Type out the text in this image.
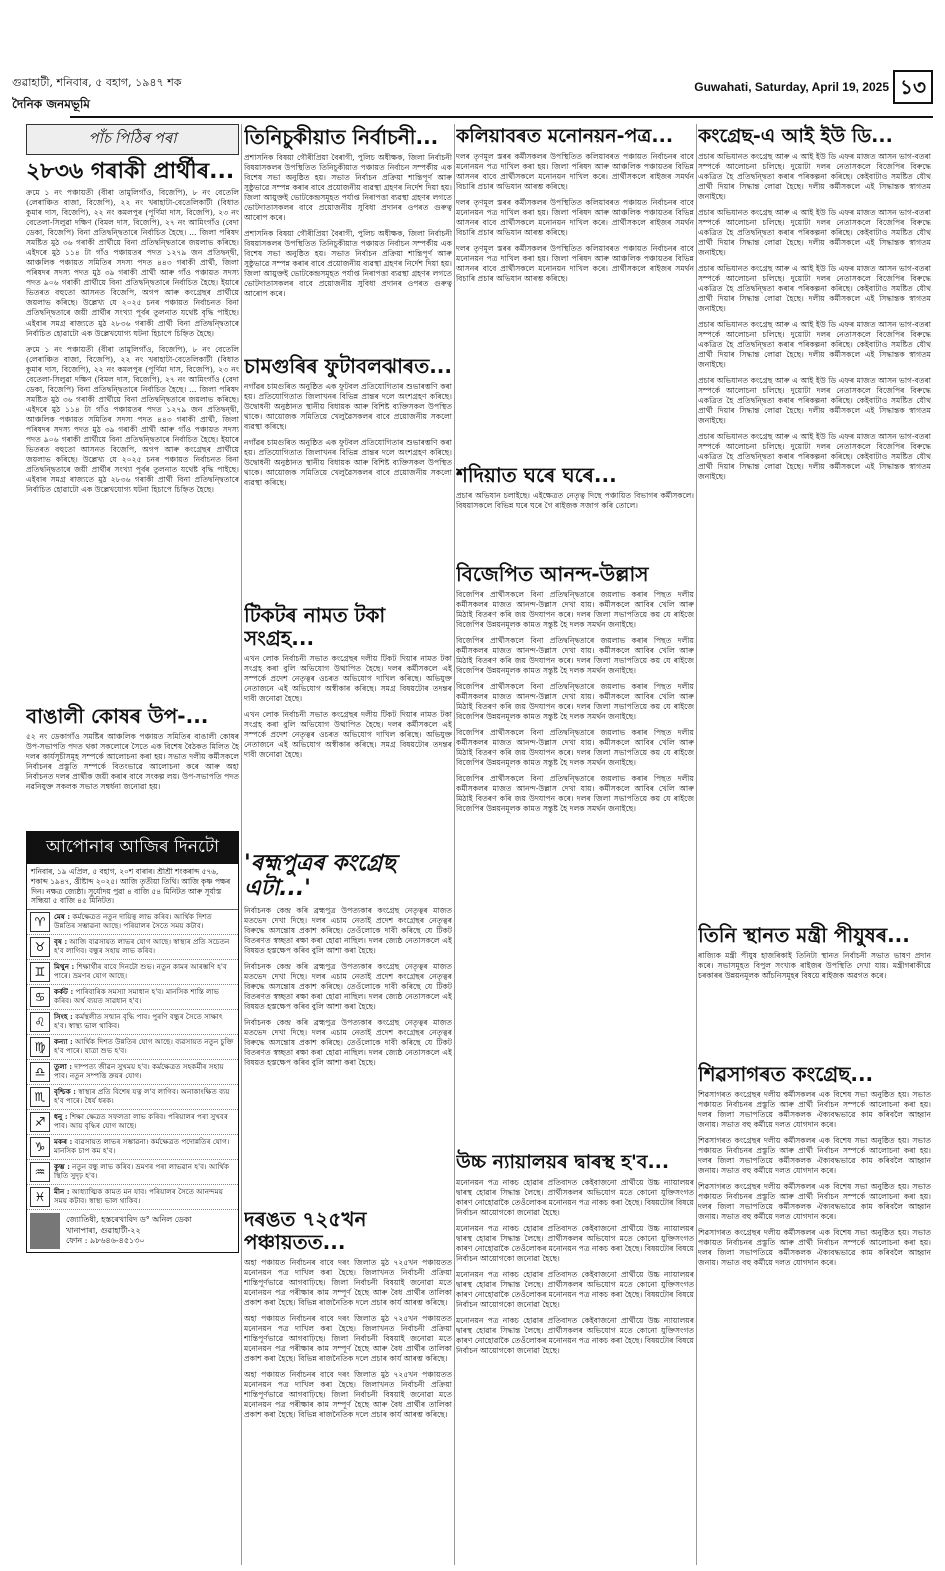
গুৱাহাটী, শনিবাৰ, ৫ বহাগ, ১৯৪৭ শক
দৈনিক জনমভূমি
Guwahati, Saturday, April 19, 2025 ১৩
পাঁচ পিঠিৰ পৰা
২৮৩৬ গৰাকী প্ৰাৰ্থীৰ...

ক্ৰমে ১ নং পঞ্চায়তী (বীৰা তামুলিগাঁও, বিজেপি), ৮ নং বেতেলি (লেৰাঞ্চিত বাজা, বিজেপি), ২২ নং খৰাহাটা-বেতেলিকাটী (বিধাত কুমাৰ দাস, বিজেপি), ২২ নং কমলপুৰ (পূৰ্ণিমা দাস, বিজেপি), ২৩ নং বেতেলা-সিলুৱা দক্ষিণ (বিমল দাস, বিজেপি), ২৭ নং আমিংগাঁও (বেদা ডেকা, বিজেপি) বিনা প্ৰতিদ্বন্দ্বিতাৰে নিৰ্বাচিত হৈছে। ... জিলা পৰিষদ সমষ্টিত মুঠ ৩৬ গৰাকী প্ৰাৰ্থীয়ে বিনা প্ৰতিদ্বন্দ্বিতাৰে জয়লাভ কৰিছে। এইদৰে মুঠ ১১৪ টা গাঁও পঞ্চায়তৰ পদত ১২৭৯ জন প্ৰতিদ্বন্দ্বী, আঞ্চলিক পঞ্চায়ত সমিতিৰ সদস্য পদত ৪৪৩ গৰাকী প্ৰাৰ্থী, জিলা পৰিষদৰ সদস্য পদত মুঠ ৩৯ গৰাকী প্ৰাৰ্থী আৰু গাঁও পঞ্চায়ত সদস্য পদত ৯০৬ গৰাকী প্ৰাৰ্থীয়ে বিনা প্ৰতিদ্বন্দ্বিতাৰে নিৰ্বাচিত হৈছে। ইয়াৰে ভিতৰত বহুতো আসনত বিজেপি, অগপ আৰু কংগ্ৰেছৰ প্ৰাৰ্থীয়ে জয়লাভ কৰিছে। উল্লেখ্য যে ২০২৫ চনৰ পঞ্চায়ত নিৰ্বাচনত বিনা প্ৰতিদ্বন্দ্বিতাৰে জয়ী প্ৰাৰ্থীৰ সংখ্যা পূৰ্বৰ তুলনাত যথেষ্ট বৃদ্ধি পাইছে। এইবাৰ সমগ্ৰ ৰাজ্যতে মুঠ ২৮৩৬ গৰাকী প্ৰাৰ্থী বিনা প্ৰতিদ্বন্দ্বিতাৰে নিৰ্বাচিত হোৱাটো এক উল্লেখযোগ্য ঘটনা হিচাপে চিহ্নিত হৈছে।

ক্ৰমে ১ নং পঞ্চায়তী (বীৰা তামুলিগাঁও, বিজেপি), ৮ নং বেতেলি (লেৰাঞ্চিত বাজা, বিজেপি), ২২ নং খৰাহাটা-বেতেলিকাটী (বিধাত কুমাৰ দাস, বিজেপি), ২২ নং কমলপুৰ (পূৰ্ণিমা দাস, বিজেপি), ২৩ নং বেতেলা-সিলুৱা দক্ষিণ (বিমল দাস, বিজেপি), ২৭ নং আমিংগাঁও (বেদা ডেকা, বিজেপি) বিনা প্ৰতিদ্বন্দ্বিতাৰে নিৰ্বাচিত হৈছে। ... জিলা পৰিষদ সমষ্টিত মুঠ ৩৬ গৰাকী প্ৰাৰ্থীয়ে বিনা প্ৰতিদ্বন্দ্বিতাৰে জয়লাভ কৰিছে। এইদৰে মুঠ ১১৪ টা গাঁও পঞ্চায়তৰ পদত ১২৭৯ জন প্ৰতিদ্বন্দ্বী, আঞ্চলিক পঞ্চায়ত সমিতিৰ সদস্য পদত ৪৪৩ গৰাকী প্ৰাৰ্থী, জিলা পৰিষদৰ সদস্য পদত মুঠ ৩৯ গৰাকী প্ৰাৰ্থী আৰু গাঁও পঞ্চায়ত সদস্য পদত ৯০৬ গৰাকী প্ৰাৰ্থীয়ে বিনা প্ৰতিদ্বন্দ্বিতাৰে নিৰ্বাচিত হৈছে। ইয়াৰে ভিতৰত বহুতো আসনত বিজেপি, অগপ আৰু কংগ্ৰেছৰ প্ৰাৰ্থীয়ে জয়লাভ কৰিছে। উল্লেখ্য যে ২০২৫ চনৰ পঞ্চায়ত নিৰ্বাচনত বিনা প্ৰতিদ্বন্দ্বিতাৰে জয়ী প্ৰাৰ্থীৰ সংখ্যা পূৰ্বৰ তুলনাত যথেষ্ট বৃদ্ধি পাইছে। এইবাৰ সমগ্ৰ ৰাজ্যতে মুঠ ২৮৩৬ গৰাকী প্ৰাৰ্থী বিনা প্ৰতিদ্বন্দ্বিতাৰে নিৰ্বাচিত হোৱাটো এক উল্লেখযোগ্য ঘটনা হিচাপে চিহ্নিত হৈছে।

বাঙালী কোষৰ উপ-...

৫২ নং ডেকাগাঁও সমষ্টিৰ আঞ্চলিক পঞ্চায়ত সমিতিৰ বাঙালী কোষৰ উপ-সভাপতি পদত থকা সকলোৰে সৈতে এক বিশেষ বৈঠকত মিলিত হৈ দলৰ কাৰ্যসূচীসমূহ সম্পৰ্কে আলোচনা কৰা হয়। সভাত দলীয় কৰ্মীসকলে নিৰ্বাচনৰ প্ৰস্তুতি সম্পৰ্কে বিতংভাৱে আলোচনা কৰে আৰু অহা নিৰ্বাচনত দলৰ প্ৰাৰ্থীক জয়ী কৰাৰ বাবে সংকল্প লয়। উপ-সভাপতি পদত নৱনিযুক্ত সকলক সভাত সম্বৰ্ধনা জনোৱা হয়।

আপোনাৰ আজিৰ দিনটো
শনিবাৰ, ১৯ এপ্ৰিল, ৫ বহাগ, ২০শ বাৰাৰ। শ্ৰীশ্ৰী শংকৰাব্দ ৫৭৬, শকাব্দ ১৯৪৭, খ্ৰীষ্টাব্দ ২০২৫। আজি তৃতীয়া তিথি। আজি কৃষ্ণ পক্ষৰ দিন। নক্ষত্ৰ জ্যেষ্ঠা। সূৰ্যোদয় পুৱা ৪ বাজি ৫৪ মিনিটত আৰু সূৰ্যাস্ত সন্ধিয়া ৫ বাজি ৪৫ মিনিটত।
♈	মেষ : কৰ্মক্ষেত্ৰত নতুন দায়িত্ব লাভ কৰিব। আৰ্থিক দিশত উন্নতিৰ সম্ভাৱনা আছে। পৰিয়ালৰ সৈতে সময় কটাব।
♉	বৃষ : আজি ব্যৱসায়ত লাভৰ যোগ আছে। স্বাস্থ্যৰ প্ৰতি সচেতন হ'ব লাগিব। বন্ধুৰ সহায় লাভ কৰিব।
♊	মিথুন : শিক্ষাৰ্থীৰ বাবে দিনটো শুভ। নতুন কামৰ আৰম্ভণি হ'ব পাৰে। ভ্ৰমণৰ যোগ আছে।
♋	কৰ্কট : পাৰিবাৰিক সমস্যা সমাধান হ'ব। মানসিক শান্তি লাভ কৰিব। অৰ্থ ব্যয়ত সাৱধান হ'ব।
♌	সিংহ : কৰ্মস্থলীত সন্মান বৃদ্ধি পাব। পুৰণি বন্ধুৰ সৈতে সাক্ষাৎ হ'ব। স্বাস্থ্য ভাল থাকিব।
♍	কন্যা : আৰ্থিক দিশত উন্নতিৰ যোগ আছে। ব্যৱসায়ত নতুন চুক্তি হ'ব পাৰে। যাত্ৰা শুভ হ'ব।
♎	তুলা : দাম্পত্য জীৱন সুখময় হ'ব। কৰ্মক্ষেত্ৰত সহকৰ্মীৰ সহায় পাব। নতুন সম্পত্তি ক্ৰয়ৰ যোগ।
♏	বৃশ্চিক : স্বাস্থ্যৰ প্ৰতি বিশেষ যত্ন ল'ব লাগিব। অনাকাংক্ষিত ব্যয় হ'ব পাৰে। ধৈৰ্য ধৰক।
♐	ধনু : শিক্ষা ক্ষেত্ৰত সফলতা লাভ কৰিব। পৰিয়ালৰ পৰা সুখবৰ পাব। আয় বৃদ্ধিৰ যোগ আছে।
♑	মকৰ : ব্যৱসায়ত লাভৰ সম্ভাৱনা। কৰ্মক্ষেত্ৰত পদোন্নতিৰ যোগ। মানসিক চাপ কম হ'ব।
♒	কুম্ভ : নতুন বন্ধু লাভ কৰিব। ভ্ৰমণৰ পৰা লাভৱান হ'ব। আৰ্থিক স্থিতি সুদৃঢ় হ'ব।
♓	মীন : আধ্যাত্মিক কামত মন যাব। পৰিয়ালৰ সৈতে আনন্দময় সময় কটাব। স্বাস্থ্য ভাল থাকিব।
জ্যোতিষী, হস্তৰেখাবিদ ড° অনিল ডেকা
খানাপাৰা, গুৱাহাটী-২২
ফোন : ৯৮৬৪৬-৪৫১৩০
তিনিচুকীয়াত নিৰ্বাচনী...

প্ৰশাসনিক বিষয়া গৌৰীপ্ৰিয়া বৈৰাগী, পুলিচ অধীক্ষক, জিলা নিৰ্বাচনী বিষয়াসকলৰ উপস্থিতিত তিনিচুকীয়াত পঞ্চায়ত নিৰ্বাচন সম্পৰ্কীয় এক বিশেষ সভা অনুষ্ঠিত হয়। সভাত নিৰ্বাচন প্ৰক্ৰিয়া শান্তিপূৰ্ণ আৰু সুষ্ঠুভাৱে সম্পন্ন কৰাৰ বাবে প্ৰয়োজনীয় ব্যৱস্থা গ্ৰহণৰ নিৰ্দেশ দিয়া হয়। জিলা আয়ুক্তই ভোটকেন্দ্ৰসমূহত পৰ্যাপ্ত নিৰাপত্তা ব্যৱস্থা গ্ৰহণৰ লগতে ভোটদাতাসকলৰ বাবে প্ৰয়োজনীয় সুবিধা প্ৰদানৰ ওপৰত গুৰুত্ব আৰোপ কৰে।

প্ৰশাসনিক বিষয়া গৌৰীপ্ৰিয়া বৈৰাগী, পুলিচ অধীক্ষক, জিলা নিৰ্বাচনী বিষয়াসকলৰ উপস্থিতিত তিনিচুকীয়াত পঞ্চায়ত নিৰ্বাচন সম্পৰ্কীয় এক বিশেষ সভা অনুষ্ঠিত হয়। সভাত নিৰ্বাচন প্ৰক্ৰিয়া শান্তিপূৰ্ণ আৰু সুষ্ঠুভাৱে সম্পন্ন কৰাৰ বাবে প্ৰয়োজনীয় ব্যৱস্থা গ্ৰহণৰ নিৰ্দেশ দিয়া হয়। জিলা আয়ুক্তই ভোটকেন্দ্ৰসমূহত পৰ্যাপ্ত নিৰাপত্তা ব্যৱস্থা গ্ৰহণৰ লগতে ভোটদাতাসকলৰ বাবে প্ৰয়োজনীয় সুবিধা প্ৰদানৰ ওপৰত গুৰুত্ব আৰোপ কৰে।

চামগুৰিৰ ফুটাবলঝাৰত...

নগাঁৱৰ চামগুৰিত অনুষ্ঠিত এক ফুটবল প্ৰতিযোগিতাৰ শুভাৰম্ভণি কৰা হয়। প্ৰতিযোগিতাত জিলাখনৰ বিভিন্ন প্ৰান্তৰ দলে অংশগ্ৰহণ কৰিছে। উদ্বোধনী অনুষ্ঠানত স্থানীয় বিধায়ক আৰু বিশিষ্ট ব্যক্তিসকল উপস্থিত থাকে। আয়োজক সমিতিয়ে খেলুৱৈসকলৰ বাবে প্ৰয়োজনীয় সকলো ব্যৱস্থা কৰিছে।

নগাঁৱৰ চামগুৰিত অনুষ্ঠিত এক ফুটবল প্ৰতিযোগিতাৰ শুভাৰম্ভণি কৰা হয়। প্ৰতিযোগিতাত জিলাখনৰ বিভিন্ন প্ৰান্তৰ দলে অংশগ্ৰহণ কৰিছে। উদ্বোধনী অনুষ্ঠানত স্থানীয় বিধায়ক আৰু বিশিষ্ট ব্যক্তিসকল উপস্থিত থাকে। আয়োজক সমিতিয়ে খেলুৱৈসকলৰ বাবে প্ৰয়োজনীয় সকলো ব্যৱস্থা কৰিছে।

টিকটৰ নামত টকা সংগ্ৰহ...

এখন লোক নিৰ্বাচনী সভাত কংগ্ৰেছৰ দলীয় টিকট দিয়াৰ নামত টকা সংগ্ৰহ কৰা বুলি অভিযোগ উত্থাপিত হৈছে। দলৰ কৰ্মীসকলে এই সম্পৰ্কে প্ৰদেশ নেতৃত্বৰ ওচৰত অভিযোগ দাখিল কৰিছে। অভিযুক্ত নেতাজনে এই অভিযোগ অস্বীকাৰ কৰিছে। সমগ্ৰ বিষয়টোৰ তদন্তৰ দাবী জনোৱা হৈছে।

এখন লোক নিৰ্বাচনী সভাত কংগ্ৰেছৰ দলীয় টিকট দিয়াৰ নামত টকা সংগ্ৰহ কৰা বুলি অভিযোগ উত্থাপিত হৈছে। দলৰ কৰ্মীসকলে এই সম্পৰ্কে প্ৰদেশ নেতৃত্বৰ ওচৰত অভিযোগ দাখিল কৰিছে। অভিযুক্ত নেতাজনে এই অভিযোগ অস্বীকাৰ কৰিছে। সমগ্ৰ বিষয়টোৰ তদন্তৰ দাবী জনোৱা হৈছে।

'ৰহ্মপুত্ৰৰ কংগ্ৰেছ এটা...'

নিৰ্বাচনক কেন্দ্ৰ কৰি ব্ৰহ্মপুত্ৰ উপত্যকাৰ কংগ্ৰেছ নেতৃত্বৰ মাজত মতভেদ দেখা দিছে। দলৰ এচাম নেতাই প্ৰদেশ কংগ্ৰেছৰ নেতৃত্বৰ বিৰুদ্ধে অসন্তোষ প্ৰকাশ কৰিছে। তেওঁলোকে দাবী কৰিছে যে টিকট বিতৰণত স্বচ্ছতা ৰক্ষা কৰা হোৱা নাছিল। দলৰ জ্যেষ্ঠ নেতাসকলে এই বিষয়ত হস্তক্ষেপ কৰিব বুলি আশা কৰা হৈছে।

নিৰ্বাচনক কেন্দ্ৰ কৰি ব্ৰহ্মপুত্ৰ উপত্যকাৰ কংগ্ৰেছ নেতৃত্বৰ মাজত মতভেদ দেখা দিছে। দলৰ এচাম নেতাই প্ৰদেশ কংগ্ৰেছৰ নেতৃত্বৰ বিৰুদ্ধে অসন্তোষ প্ৰকাশ কৰিছে। তেওঁলোকে দাবী কৰিছে যে টিকট বিতৰণত স্বচ্ছতা ৰক্ষা কৰা হোৱা নাছিল। দলৰ জ্যেষ্ঠ নেতাসকলে এই বিষয়ত হস্তক্ষেপ কৰিব বুলি আশা কৰা হৈছে।

নিৰ্বাচনক কেন্দ্ৰ কৰি ব্ৰহ্মপুত্ৰ উপত্যকাৰ কংগ্ৰেছ নেতৃত্বৰ মাজত মতভেদ দেখা দিছে। দলৰ এচাম নেতাই প্ৰদেশ কংগ্ৰেছৰ নেতৃত্বৰ বিৰুদ্ধে অসন্তোষ প্ৰকাশ কৰিছে। তেওঁলোকে দাবী কৰিছে যে টিকট বিতৰণত স্বচ্ছতা ৰক্ষা কৰা হোৱা নাছিল। দলৰ জ্যেষ্ঠ নেতাসকলে এই বিষয়ত হস্তক্ষেপ কৰিব বুলি আশা কৰা হৈছে।

দৰঙত ৭২৫খন পঞ্চায়তত...

অহা পঞ্চায়ত নিৰ্বাচনৰ বাবে দৰং জিলাত মুঠ ৭২৫খন পঞ্চায়তত মনোনয়ন পত্ৰ দাখিল কৰা হৈছে। জিলাখনত নিৰ্বাচনী প্ৰক্ৰিয়া শান্তিপূৰ্ণভাৱে আগবাঢ়িছে। জিলা নিৰ্বাচনী বিষয়াই জনোৱা মতে মনোনয়ন পত্ৰ পৰীক্ষাৰ কাম সম্পূৰ্ণ হৈছে আৰু বৈধ প্ৰাৰ্থীৰ তালিকা প্ৰকাশ কৰা হৈছে। বিভিন্ন ৰাজনৈতিক দলে প্ৰচাৰ কাৰ্য আৰম্ভ কৰিছে।

অহা পঞ্চায়ত নিৰ্বাচনৰ বাবে দৰং জিলাত মুঠ ৭২৫খন পঞ্চায়তত মনোনয়ন পত্ৰ দাখিল কৰা হৈছে। জিলাখনত নিৰ্বাচনী প্ৰক্ৰিয়া শান্তিপূৰ্ণভাৱে আগবাঢ়িছে। জিলা নিৰ্বাচনী বিষয়াই জনোৱা মতে মনোনয়ন পত্ৰ পৰীক্ষাৰ কাম সম্পূৰ্ণ হৈছে আৰু বৈধ প্ৰাৰ্থীৰ তালিকা প্ৰকাশ কৰা হৈছে। বিভিন্ন ৰাজনৈতিক দলে প্ৰচাৰ কাৰ্য আৰম্ভ কৰিছে।

অহা পঞ্চায়ত নিৰ্বাচনৰ বাবে দৰং জিলাত মুঠ ৭২৫খন পঞ্চায়তত মনোনয়ন পত্ৰ দাখিল কৰা হৈছে। জিলাখনত নিৰ্বাচনী প্ৰক্ৰিয়া শান্তিপূৰ্ণভাৱে আগবাঢ়িছে। জিলা নিৰ্বাচনী বিষয়াই জনোৱা মতে মনোনয়ন পত্ৰ পৰীক্ষাৰ কাম সম্পূৰ্ণ হৈছে আৰু বৈধ প্ৰাৰ্থীৰ তালিকা প্ৰকাশ কৰা হৈছে। বিভিন্ন ৰাজনৈতিক দলে প্ৰচাৰ কাৰ্য আৰম্ভ কৰিছে।

কলিয়াবৰত মনোনয়ন-পত্ৰ...

দলৰ তৃণমূল স্তৰৰ কৰ্মীসকলৰ উপস্থিতিত কলিয়াবৰত পঞ্চায়ত নিৰ্বাচনৰ বাবে মনোনয়ন পত্ৰ দাখিল কৰা হয়। জিলা পৰিষদ আৰু আঞ্চলিক পঞ্চায়তৰ বিভিন্ন আসনৰ বাবে প্ৰাৰ্থীসকলে মনোনয়ন দাখিল কৰে। প্ৰাৰ্থীসকলে ৰাইজৰ সমৰ্থন বিচাৰি প্ৰচাৰ অভিযান আৰম্ভ কৰিছে।

দলৰ তৃণমূল স্তৰৰ কৰ্মীসকলৰ উপস্থিতিত কলিয়াবৰত পঞ্চায়ত নিৰ্বাচনৰ বাবে মনোনয়ন পত্ৰ দাখিল কৰা হয়। জিলা পৰিষদ আৰু আঞ্চলিক পঞ্চায়তৰ বিভিন্ন আসনৰ বাবে প্ৰাৰ্থীসকলে মনোনয়ন দাখিল কৰে। প্ৰাৰ্থীসকলে ৰাইজৰ সমৰ্থন বিচাৰি প্ৰচাৰ অভিযান আৰম্ভ কৰিছে।

দলৰ তৃণমূল স্তৰৰ কৰ্মীসকলৰ উপস্থিতিত কলিয়াবৰত পঞ্চায়ত নিৰ্বাচনৰ বাবে মনোনয়ন পত্ৰ দাখিল কৰা হয়। জিলা পৰিষদ আৰু আঞ্চলিক পঞ্চায়তৰ বিভিন্ন আসনৰ বাবে প্ৰাৰ্থীসকলে মনোনয়ন দাখিল কৰে। প্ৰাৰ্থীসকলে ৰাইজৰ সমৰ্থন বিচাৰি প্ৰচাৰ অভিযান আৰম্ভ কৰিছে।

শদিয়াত ঘৰে ঘৰে...

প্ৰচাৰ অভিযান চলাইছে। এইক্ষেত্ৰত নেতৃত্ব দিছে পঞ্চায়িত বিভাগৰ কৰ্মীসকলে। বিষয়াসকলে বিভিন্ন ঘৰে ঘৰে গৈ ৰাইজক সজাগ কৰি তোলে।

বিজেপিত আনন্দ-উল্লাস

বিজেপিৰ প্ৰাৰ্থীসকলে বিনা প্ৰতিদ্বন্দ্বিতাৰে জয়লাভ কৰাৰ পিছত দলীয় কৰ্মীসকলৰ মাজত আনন্দ-উল্লাস দেখা যায়। কৰ্মীসকলে আবিৰ খেলি আৰু মিঠাই বিতৰণ কৰি জয় উদযাপন কৰে। দলৰ জিলা সভাপতিয়ে কয় যে ৰাইজে বিজেপিৰ উন্নয়নমূলক কামত সন্তুষ্ট হৈ দলক সমৰ্থন জনাইছে।

বিজেপিৰ প্ৰাৰ্থীসকলে বিনা প্ৰতিদ্বন্দ্বিতাৰে জয়লাভ কৰাৰ পিছত দলীয় কৰ্মীসকলৰ মাজত আনন্দ-উল্লাস দেখা যায়। কৰ্মীসকলে আবিৰ খেলি আৰু মিঠাই বিতৰণ কৰি জয় উদযাপন কৰে। দলৰ জিলা সভাপতিয়ে কয় যে ৰাইজে বিজেপিৰ উন্নয়নমূলক কামত সন্তুষ্ট হৈ দলক সমৰ্থন জনাইছে।

বিজেপিৰ প্ৰাৰ্থীসকলে বিনা প্ৰতিদ্বন্দ্বিতাৰে জয়লাভ কৰাৰ পিছত দলীয় কৰ্মীসকলৰ মাজত আনন্দ-উল্লাস দেখা যায়। কৰ্মীসকলে আবিৰ খেলি আৰু মিঠাই বিতৰণ কৰি জয় উদযাপন কৰে। দলৰ জিলা সভাপতিয়ে কয় যে ৰাইজে বিজেপিৰ উন্নয়নমূলক কামত সন্তুষ্ট হৈ দলক সমৰ্থন জনাইছে।

বিজেপিৰ প্ৰাৰ্থীসকলে বিনা প্ৰতিদ্বন্দ্বিতাৰে জয়লাভ কৰাৰ পিছত দলীয় কৰ্মীসকলৰ মাজত আনন্দ-উল্লাস দেখা যায়। কৰ্মীসকলে আবিৰ খেলি আৰু মিঠাই বিতৰণ কৰি জয় উদযাপন কৰে। দলৰ জিলা সভাপতিয়ে কয় যে ৰাইজে বিজেপিৰ উন্নয়নমূলক কামত সন্তুষ্ট হৈ দলক সমৰ্থন জনাইছে।

বিজেপিৰ প্ৰাৰ্থীসকলে বিনা প্ৰতিদ্বন্দ্বিতাৰে জয়লাভ কৰাৰ পিছত দলীয় কৰ্মীসকলৰ মাজত আনন্দ-উল্লাস দেখা যায়। কৰ্মীসকলে আবিৰ খেলি আৰু মিঠাই বিতৰণ কৰি জয় উদযাপন কৰে। দলৰ জিলা সভাপতিয়ে কয় যে ৰাইজে বিজেপিৰ উন্নয়নমূলক কামত সন্তুষ্ট হৈ দলক সমৰ্থন জনাইছে।

উচ্চ ন্যায়ালয়ৰ দ্বাৰস্থ হ'ব...

মনোনয়ন পত্ৰ নাকচ হোৱাৰ প্ৰতিবাদত কেইবাজনো প্ৰাৰ্থীয়ে উচ্চ ন্যায়ালয়ৰ দ্বাৰস্থ হোৱাৰ সিদ্ধান্ত লৈছে। প্ৰাৰ্থীসকলৰ অভিযোগ মতে কোনো যুক্তিসংগত কাৰণ নোহোৱাকৈ তেওঁলোকৰ মনোনয়ন পত্ৰ নাকচ কৰা হৈছে। বিষয়টোৰ বিষয়ে নিৰ্বাচন আয়োগকো জনোৱা হৈছে।

মনোনয়ন পত্ৰ নাকচ হোৱাৰ প্ৰতিবাদত কেইবাজনো প্ৰাৰ্থীয়ে উচ্চ ন্যায়ালয়ৰ দ্বাৰস্থ হোৱাৰ সিদ্ধান্ত লৈছে। প্ৰাৰ্থীসকলৰ অভিযোগ মতে কোনো যুক্তিসংগত কাৰণ নোহোৱাকৈ তেওঁলোকৰ মনোনয়ন পত্ৰ নাকচ কৰা হৈছে। বিষয়টোৰ বিষয়ে নিৰ্বাচন আয়োগকো জনোৱা হৈছে।

মনোনয়ন পত্ৰ নাকচ হোৱাৰ প্ৰতিবাদত কেইবাজনো প্ৰাৰ্থীয়ে উচ্চ ন্যায়ালয়ৰ দ্বাৰস্থ হোৱাৰ সিদ্ধান্ত লৈছে। প্ৰাৰ্থীসকলৰ অভিযোগ মতে কোনো যুক্তিসংগত কাৰণ নোহোৱাকৈ তেওঁলোকৰ মনোনয়ন পত্ৰ নাকচ কৰা হৈছে। বিষয়টোৰ বিষয়ে নিৰ্বাচন আয়োগকো জনোৱা হৈছে।

মনোনয়ন পত্ৰ নাকচ হোৱাৰ প্ৰতিবাদত কেইবাজনো প্ৰাৰ্থীয়ে উচ্চ ন্যায়ালয়ৰ দ্বাৰস্থ হোৱাৰ সিদ্ধান্ত লৈছে। প্ৰাৰ্থীসকলৰ অভিযোগ মতে কোনো যুক্তিসংগত কাৰণ নোহোৱাকৈ তেওঁলোকৰ মনোনয়ন পত্ৰ নাকচ কৰা হৈছে। বিষয়টোৰ বিষয়ে নিৰ্বাচন আয়োগকো জনোৱা হৈছে।

কংগ্ৰেছ-এ আই ইউ ডি...

প্ৰচাৰ অভিযানত কংগ্ৰেছ আৰু এ আই ইউ ডি এফৰ মাজত আসন ভাগ-বতৰা সম্পৰ্কে আলোচনা চলিছে। দুয়োটা দলৰ নেতাসকলে বিজেপিৰ বিৰুদ্ধে একত্ৰিত হৈ প্ৰতিদ্বন্দ্বিতা কৰাৰ পৰিকল্পনা কৰিছে। কেইবাটাও সমষ্টিত যৌথ প্ৰাৰ্থী দিয়াৰ সিদ্ধান্ত লোৱা হৈছে। দলীয় কৰ্মীসকলে এই সিদ্ধান্তক স্বাগতম জনাইছে।

প্ৰচাৰ অভিযানত কংগ্ৰেছ আৰু এ আই ইউ ডি এফৰ মাজত আসন ভাগ-বতৰা সম্পৰ্কে আলোচনা চলিছে। দুয়োটা দলৰ নেতাসকলে বিজেপিৰ বিৰুদ্ধে একত্ৰিত হৈ প্ৰতিদ্বন্দ্বিতা কৰাৰ পৰিকল্পনা কৰিছে। কেইবাটাও সমষ্টিত যৌথ প্ৰাৰ্থী দিয়াৰ সিদ্ধান্ত লোৱা হৈছে। দলীয় কৰ্মীসকলে এই সিদ্ধান্তক স্বাগতম জনাইছে।

প্ৰচাৰ অভিযানত কংগ্ৰেছ আৰু এ আই ইউ ডি এফৰ মাজত আসন ভাগ-বতৰা সম্পৰ্কে আলোচনা চলিছে। দুয়োটা দলৰ নেতাসকলে বিজেপিৰ বিৰুদ্ধে একত্ৰিত হৈ প্ৰতিদ্বন্দ্বিতা কৰাৰ পৰিকল্পনা কৰিছে। কেইবাটাও সমষ্টিত যৌথ প্ৰাৰ্থী দিয়াৰ সিদ্ধান্ত লোৱা হৈছে। দলীয় কৰ্মীসকলে এই সিদ্ধান্তক স্বাগতম জনাইছে।

প্ৰচাৰ অভিযানত কংগ্ৰেছ আৰু এ আই ইউ ডি এফৰ মাজত আসন ভাগ-বতৰা সম্পৰ্কে আলোচনা চলিছে। দুয়োটা দলৰ নেতাসকলে বিজেপিৰ বিৰুদ্ধে একত্ৰিত হৈ প্ৰতিদ্বন্দ্বিতা কৰাৰ পৰিকল্পনা কৰিছে। কেইবাটাও সমষ্টিত যৌথ প্ৰাৰ্থী দিয়াৰ সিদ্ধান্ত লোৱা হৈছে। দলীয় কৰ্মীসকলে এই সিদ্ধান্তক স্বাগতম জনাইছে।

প্ৰচাৰ অভিযানত কংগ্ৰেছ আৰু এ আই ইউ ডি এফৰ মাজত আসন ভাগ-বতৰা সম্পৰ্কে আলোচনা চলিছে। দুয়োটা দলৰ নেতাসকলে বিজেপিৰ বিৰুদ্ধে একত্ৰিত হৈ প্ৰতিদ্বন্দ্বিতা কৰাৰ পৰিকল্পনা কৰিছে। কেইবাটাও সমষ্টিত যৌথ প্ৰাৰ্থী দিয়াৰ সিদ্ধান্ত লোৱা হৈছে। দলীয় কৰ্মীসকলে এই সিদ্ধান্তক স্বাগতম জনাইছে।

প্ৰচাৰ অভিযানত কংগ্ৰেছ আৰু এ আই ইউ ডি এফৰ মাজত আসন ভাগ-বতৰা সম্পৰ্কে আলোচনা চলিছে। দুয়োটা দলৰ নেতাসকলে বিজেপিৰ বিৰুদ্ধে একত্ৰিত হৈ প্ৰতিদ্বন্দ্বিতা কৰাৰ পৰিকল্পনা কৰিছে। কেইবাটাও সমষ্টিত যৌথ প্ৰাৰ্থী দিয়াৰ সিদ্ধান্ত লোৱা হৈছে। দলীয় কৰ্মীসকলে এই সিদ্ধান্তক স্বাগতম জনাইছে।

তিনি স্থানত মন্ত্ৰী পীযুষৰ...

ৰাজ্যিক মন্ত্ৰী পীযুষ হাজৰিকাই তিনিটা স্থানত নিৰ্বাচনী সভাত ভাষণ প্ৰদান কৰে। সভাসমূহত বিপুল সংখ্যক ৰাইজৰ উপস্থিতি দেখা যায়। মন্ত্ৰীগৰাকীয়ে চৰকাৰৰ উন্নয়নমূলক আঁচনিসমূহৰ বিষয়ে ৰাইজক অৱগত কৰে।

শিৱসাগৰত কংগ্ৰেছ...

শিৱসাগৰত কংগ্ৰেছৰ দলীয় কৰ্মীসকলৰ এক বিশেষ সভা অনুষ্ঠিত হয়। সভাত পঞ্চায়ত নিৰ্বাচনৰ প্ৰস্তুতি আৰু প্ৰাৰ্থী নিৰ্বাচন সম্পৰ্কে আলোচনা কৰা হয়। দলৰ জিলা সভাপতিয়ে কৰ্মীসকলক ঐক্যবদ্ধভাৱে কাম কৰিবলৈ আহ্বান জনায়। সভাত বহু কৰ্মীয়ে দলত যোগদান কৰে।

শিৱসাগৰত কংগ্ৰেছৰ দলীয় কৰ্মীসকলৰ এক বিশেষ সভা অনুষ্ঠিত হয়। সভাত পঞ্চায়ত নিৰ্বাচনৰ প্ৰস্তুতি আৰু প্ৰাৰ্থী নিৰ্বাচন সম্পৰ্কে আলোচনা কৰা হয়। দলৰ জিলা সভাপতিয়ে কৰ্মীসকলক ঐক্যবদ্ধভাৱে কাম কৰিবলৈ আহ্বান জনায়। সভাত বহু কৰ্মীয়ে দলত যোগদান কৰে।

শিৱসাগৰত কংগ্ৰেছৰ দলীয় কৰ্মীসকলৰ এক বিশেষ সভা অনুষ্ঠিত হয়। সভাত পঞ্চায়ত নিৰ্বাচনৰ প্ৰস্তুতি আৰু প্ৰাৰ্থী নিৰ্বাচন সম্পৰ্কে আলোচনা কৰা হয়। দলৰ জিলা সভাপতিয়ে কৰ্মীসকলক ঐক্যবদ্ধভাৱে কাম কৰিবলৈ আহ্বান জনায়। সভাত বহু কৰ্মীয়ে দলত যোগদান কৰে।

শিৱসাগৰত কংগ্ৰেছৰ দলীয় কৰ্মীসকলৰ এক বিশেষ সভা অনুষ্ঠিত হয়। সভাত পঞ্চায়ত নিৰ্বাচনৰ প্ৰস্তুতি আৰু প্ৰাৰ্থী নিৰ্বাচন সম্পৰ্কে আলোচনা কৰা হয়। দলৰ জিলা সভাপতিয়ে কৰ্মীসকলক ঐক্যবদ্ধভাৱে কাম কৰিবলৈ আহ্বান জনায়। সভাত বহু কৰ্মীয়ে দলত যোগদান কৰে।
